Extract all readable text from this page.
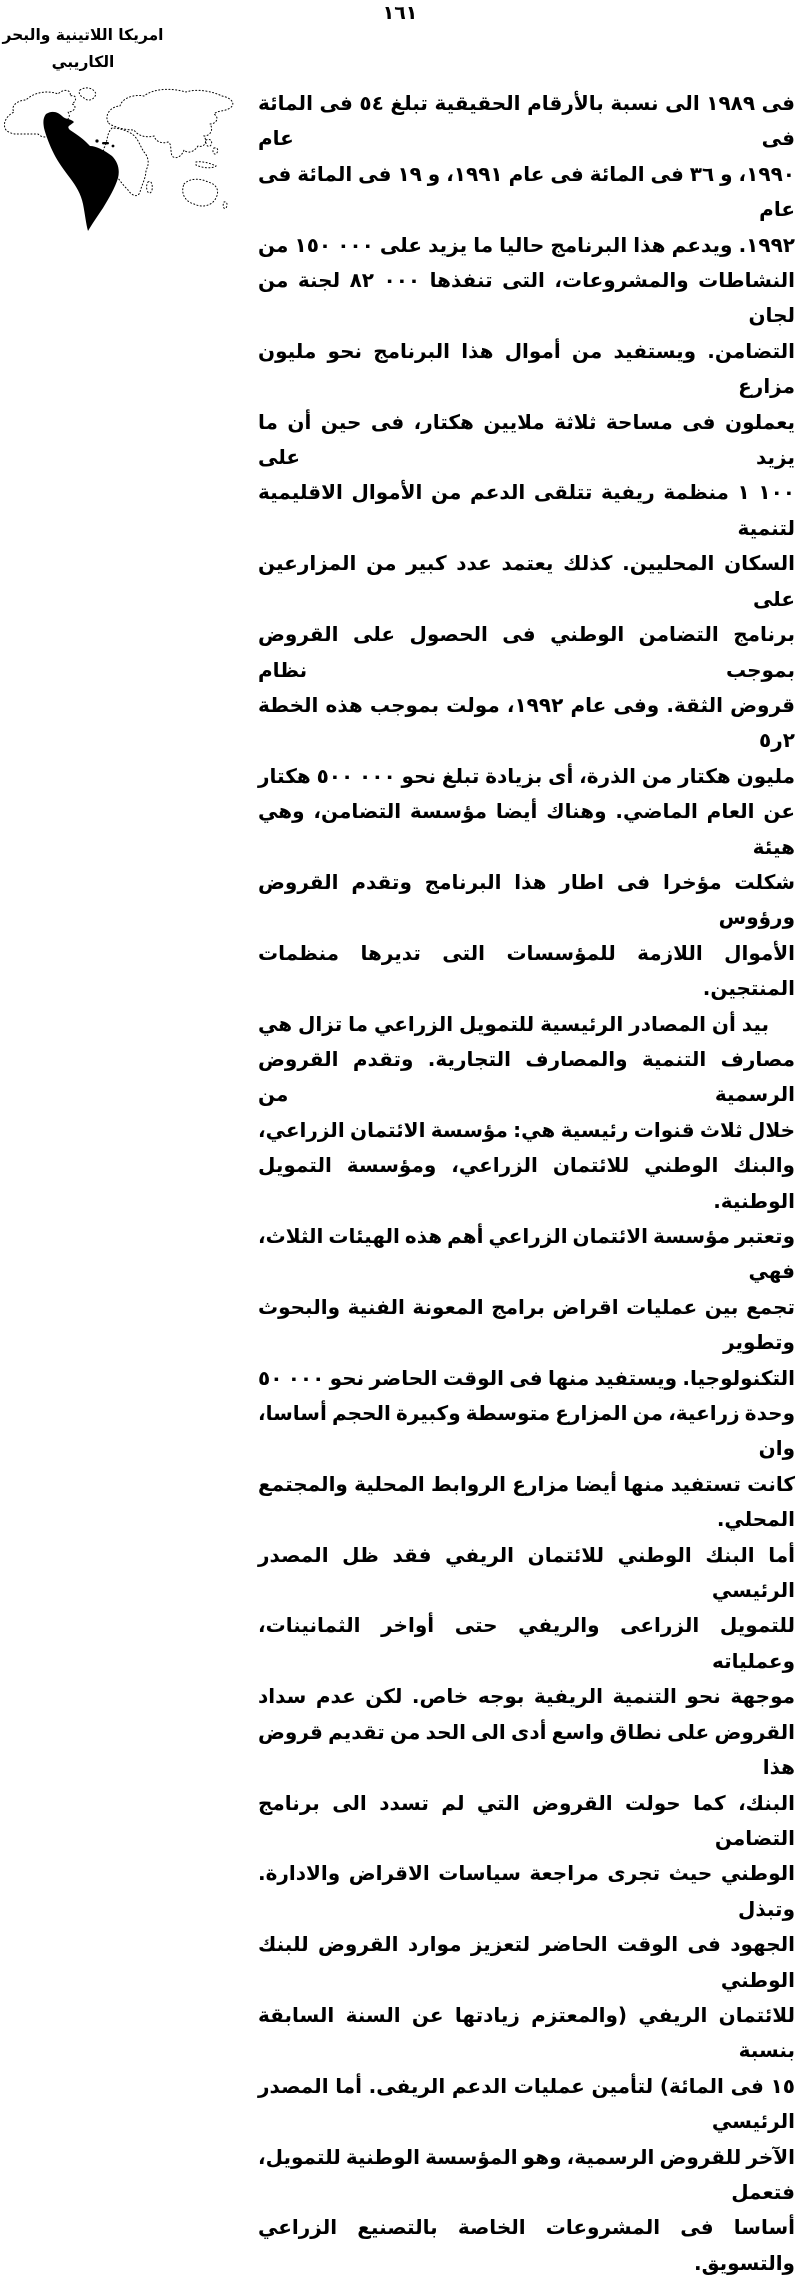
١٦١
امريكا اللاتينية والبحر
الكاريبي
فى ١٩٨٩ الى نسبة بالأرقام الحقيقية تبلغ ٥٤ فى المائة فى عام
١٩٩٠، و ٣٦ فى المائة فى عام ١٩٩١، و ١٩ فى المائة فى عام
١٩٩٢. ويدعم هذا البرنامج حاليا ما يزيد على ١٥٠ ٠٠٠ من
النشاطات والمشروعات، التى تنفذها ٨٢ ٠٠٠ لجنة من لجان
التضامن. ويستفيد من أموال هذا البرنامج نحو مليون مزارع
يعملون فى مساحة ثلاثة ملايين هكتار، فى حين أن ما يزيد على
١ ١٠٠ منظمة ريفية تتلقى الدعم من الأموال الاقليمية لتنمية
السكان المحليين. كذلك يعتمد عدد كبير من المزارعين على
برنامج التضامن الوطني فى الحصول على القروض بموجب نظام
قروض الثقة. وفى عام ١٩٩٢، مولت بموجب هذه الخطة ٢ر٥
مليون هكتار من الذرة، أى بزيادة تبلغ نحو ٥٠٠ ٠٠٠ هكتار
عن العام الماضي. وهناك أيضا مؤسسة التضامن، وهي هيئة
شكلت مؤخرا فى اطار هذا البرنامج وتقدم القروض ورؤوس
الأموال اللازمة للمؤسسات التى تديرها منظمات المنتجين.
بيد أن المصادر الرئيسية للتمويل الزراعي ما تزال هي
مصارف التنمية والمصارف التجارية. وتقدم القروض الرسمية من
خلال ثلاث قنوات رئيسية هي: مؤسسة الائتمان الزراعي،
والبنك الوطني للائتمان الزراعي، ومؤسسة التمويل الوطنية.
وتعتبر مؤسسة الائتمان الزراعي أهم هذه الهيئات الثلاث، فهي
تجمع بين عمليات اقراض برامج المعونة الفنية والبحوث وتطوير
التكنولوجيا. ويستفيد منها فى الوقت الحاضر نحو ٥٠ ٠٠٠
وحدة زراعية، من المزارع متوسطة وكبيرة الحجم أساسا، وان
كانت تستفيد منها أيضا مزارع الروابط المحلية والمجتمع المحلي.
أما البنك الوطني للائتمان الريفي فقد ظل المصدر الرئيسي
للتمويل الزراعى والريفي حتى أواخر الثمانينات، وعملياته
موجهة نحو التنمية الريفية بوجه خاص. لكن عدم سداد
القروض على نطاق واسع أدى الى الحد من تقديم قروض هذا
البنك، كما حولت القروض التي لم تسدد الى برنامج التضامن
الوطني حيث تجرى مراجعة سياسات الاقراض والادارة. وتبذل
الجهود فى الوقت الحاضر لتعزيز موارد القروض للبنك الوطني
للائتمان الريفي (والمعتزم زيادتها عن السنة السابقة بنسبة
١٥ فى المائة) لتأمين عمليات الدعم الريفى. أما المصدر الرئيسي
الآخر للقروض الرسمية، وهو المؤسسة الوطنية للتمويل، فتعمل
أساسا فى المشروعات الخاصة بالتصنيع الزراعي والتسويق.
